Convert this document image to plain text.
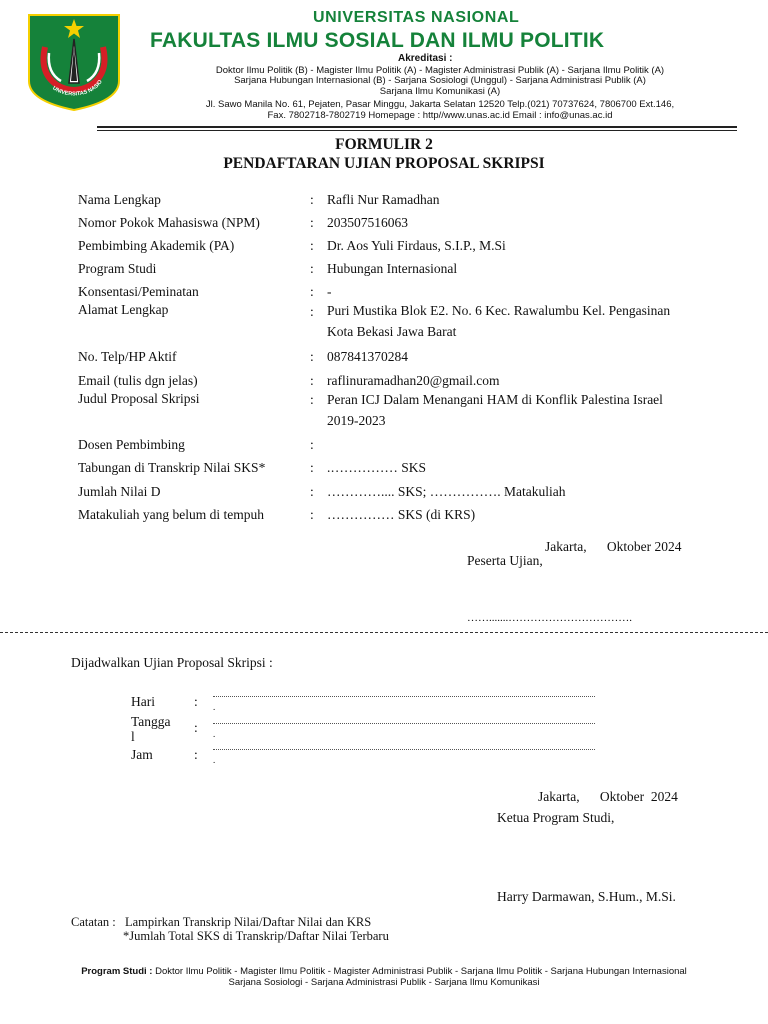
UNIVERSITAS NASIO
UNIVERSITAS NASIONAL
FAKULTAS ILMU SOSIAL DAN ILMU POLITIK
Akreditasi :
Doktor Ilmu Politik (B) - Magister Ilmu Politik (A) - Magister Administrasi Publik (A) - Sarjana Ilmu Politik (A)
Sarjana Hubungan Internasional (B) - Sarjana Sosiologi (Unggul) - Sarjana Administrasi Publik (A)
Sarjana Ilmu Komunikasi (A)
Jl. Sawo Manila No. 61, Pejaten, Pasar Minggu, Jakarta Selatan 12520 Telp.(021) 70737624, 7806700 Ext.146,
Fax. 7802718-7802719 Homepage : http//www.unas.ac.id Email : info@unas.ac.id
FORMULIR 2
PENDAFTARAN UJIAN PROPOSAL SKRIPSI
Nama Lengkap	: Rafli Nur Ramadhan
Nomor Pokok Mahasiswa (NPM)	: 203507516063
Pembimbing Akademik (PA)	: Dr. Aos Yuli Firdaus, S.I.P., M.Si
Program Studi	: Hubungan Internasional
Konsentasi/Peminatan	: -
Alamat Lengkap	: Puri Mustika Blok E2. No. 6 Kec. Rawalumbu Kel. Pengasinan
Kota Bekasi Jawa Barat
No. Telp/HP Aktif	: 087841370284
Email (tulis dgn jelas)	: raflinuramadhan20@gmail.com
Judul Proposal Skripsi	: Peran ICJ Dalam Menangani HAM di Konflik Palestina Israel
2019-2023
Dosen Pembimbing	:
Tabungan di Transkrip Nilai SKS*	: .…………… SKS
Jumlah Nilai D	: ………….... SKS; ……………. Matakuliah
Matakuliah yang belum di tempuh	: …………… SKS (di KRS)
Jakarta,      Oktober 2024
Peserta Ujian,
…….......…………………………….
Dijadwalkan Ujian Proposal Skripsi :
Hari	: .
Tangga
l
: .
Jam	: .
Jakarta,      Oktober  2024
Ketua Program Studi,
Harry Darmawan, S.Hum., M.Si.
Catatan : Lampirkan Transkrip Nilai/Daftar Nilai dan KRS
*Jumlah Total SKS di Transkrip/Daftar Nilai Terbaru
Program Studi : Doktor Ilmu Politik - Magister Ilmu Politik - Magister Administrasi Publik - Sarjana Ilmu Politik - Sarjana Hubungan Internasional
Sarjana Sosiologi - Sarjana Administrasi Publik - Sarjana Ilmu Komunikasi
